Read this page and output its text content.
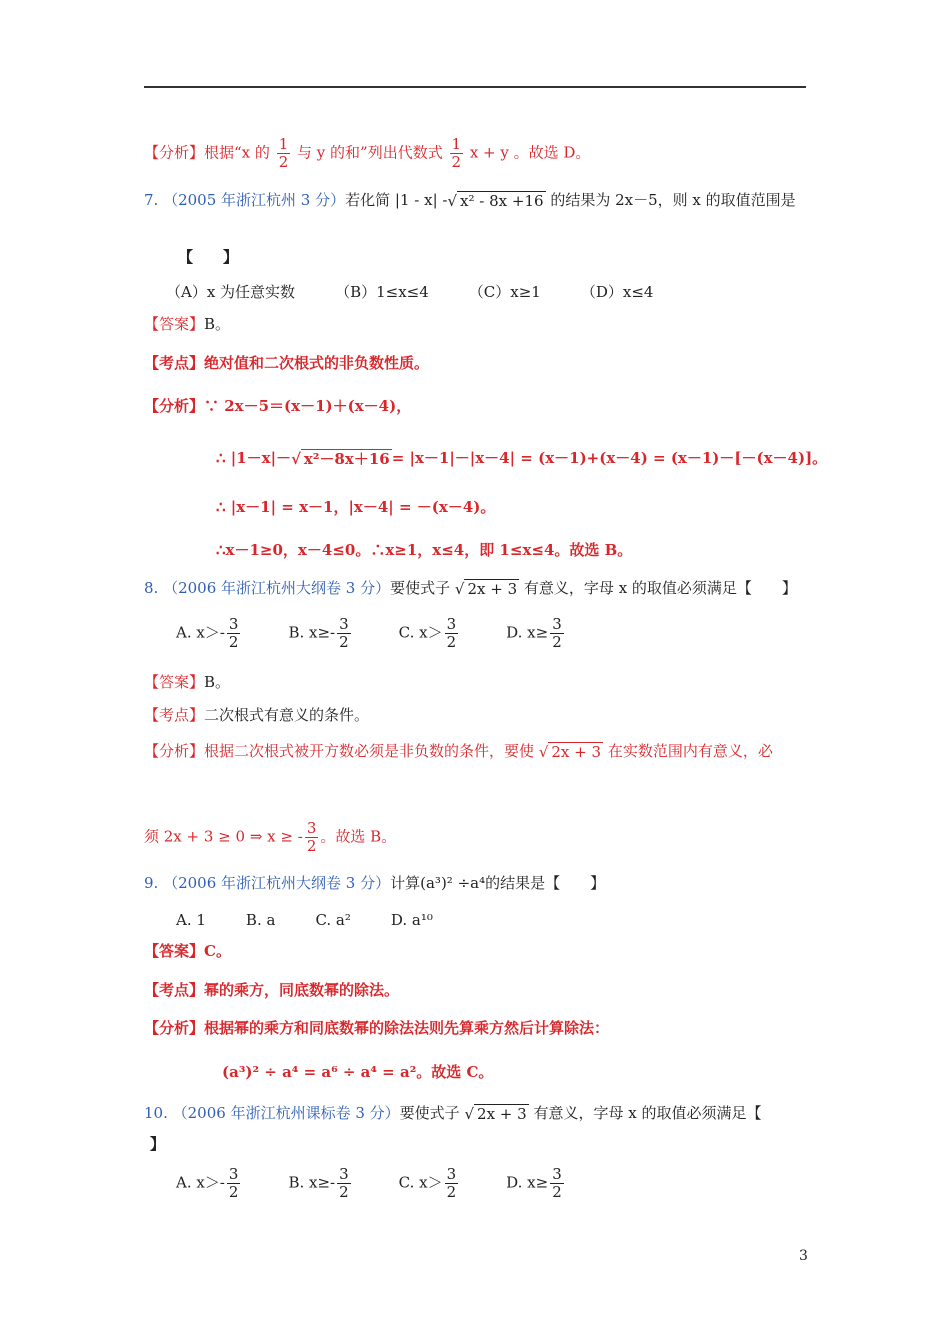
【分析】根据“x 的 $\frac{1}{2}$ 与 y 的和”列出代数式 $\frac{1}{2}$ x + y 。故选 D。
7. （2005 年浙江杭州 3 分）若化简 |1 - x| -√ x² - 8x +16 的结果为 2x－5，则 x 的取值范围是
【　　】
（A）x 为任意实数	（B）1≤x≤4	（C）x≥1	（D）x≤4
【答案】B。
【考点】绝对值和二次根式的非负数性质。
【分析】∵ 2x－5＝(x－1)＋(x－4)，
∴ |1－x|－√ x²－8x＋16 = |x－1|－|x－4| = (x－1)+(x－4) = (x－1)－[－(x－4)]。
∴ |x－1| = x－1，|x－4| = －(x－4)。
∴x－1≥0，x－4≤0。∴x≥1，x≤4，即 1≤x≤4。故选 B。
8. （2006 年浙江杭州大纲卷 3 分）要使式子 √ 2x + 3 有意义，字母 x 的取值必须满足【　　】
A. $x>- \frac{3}{2}$	B. $x\ge- \frac{3}{2}$	C. $x> \frac{3}{2}$	D. $x\ge \frac{3}{2}$
【答案】B。
【考点】二次根式有意义的条件。
【分析】根据二次根式被开方数必须是非负数的条件，要使 √ 2x + 3 在实数范围内有意义，必
须 2x + 3 ≥ 0 ⇒ x ≥ - $\frac{3}{2}$ 。故选 B。
9. （2006 年浙江杭州大纲卷 3 分）计算(a³)² ÷a⁴的结果是【　　】
A. 1	B. a	C. a²	D. a¹⁰
【答案】C。
【考点】幂的乘方，同底数幂的除法。
【分析】根据幂的乘方和同底数幂的除法法则先算乘方然后计算除法：
(a³)² ÷ a⁴ = a⁶ ÷ a⁴ = a²。故选 C。
10. （2006 年浙江杭州课标卷 3 分）要使式子 √ 2x + 3 有意义，字母 x 的取值必须满足【
】
A. $x>- \frac{3}{2}$	B. $x\ge- \frac{3}{2}$	C. $x> \frac{3}{2}$	D. $x\ge \frac{3}{2}$
3
